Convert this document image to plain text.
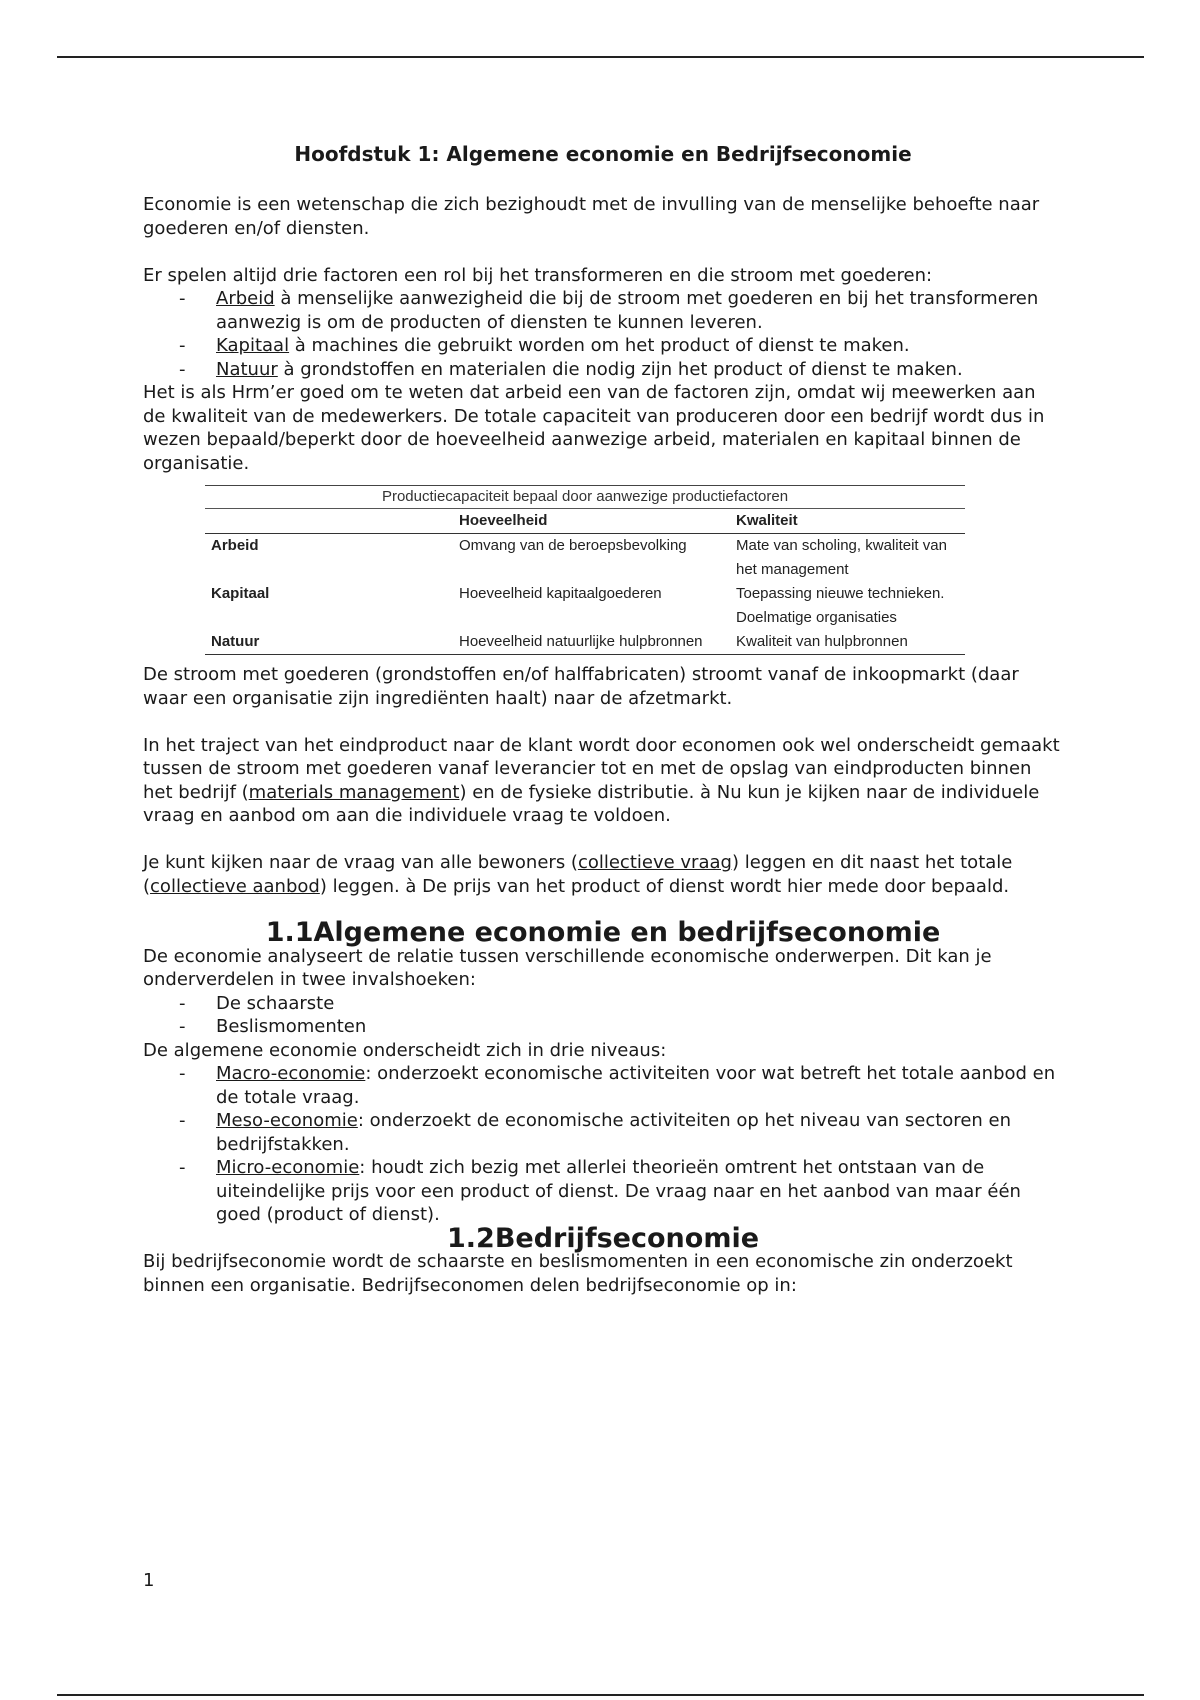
Hoofdstuk 1: Algemene economie en Bedrijfseconomie

Economie is een wetenschap die zich bezighoudt met de invulling van de menselijke behoefte naar goederen en/of diensten.

Er spelen altijd drie factoren een rol bij het transformeren en die stroom met goederen:

- Arbeid à menselijke aanwezigheid die bij de stroom met goederen en bij het transformeren aanwezig is om de producten of diensten te kunnen leveren.
- Kapitaal à machines die gebruikt worden om het product of dienst te maken.
- Natuur à grondstoffen en materialen die nodig zijn het product of dienst te maken.

Het is als Hrm’er goed om te weten dat arbeid een van de factoren zijn, omdat wij meewerken aan de kwaliteit van de medewerkers. De totale capaciteit van produceren door een bedrijf wordt dus in wezen bepaald/beperkt door de hoeveelheid aanwezige arbeid, materialen en kapitaal binnen de organisatie.

Productiecapaciteit bepaal door aanwezige productiefactoren
	Hoeveelheid	Kwaliteit
Arbeid	Omvang van de beroepsbevolking	Mate van scholing, kwaliteit van het management
Kapitaal	Hoeveelheid kapitaalgoederen	Toepassing nieuwe technieken. Doelmatige organisaties
Natuur	Hoeveelheid natuurlijke hulpbronnen	Kwaliteit van hulpbronnen

De stroom met goederen (grondstoffen en/of halffabricaten) stroomt vanaf de inkoopmarkt (daar waar een organisatie zijn ingrediënten haalt) naar de afzetmarkt.

In het traject van het eindproduct naar de klant wordt door economen ook wel onderscheidt gemaakt tussen de stroom met goederen vanaf leverancier tot en met de opslag van eindproducten binnen het bedrijf (materials management) en de fysieke distributie. à Nu kun je kijken naar de individuele vraag en aanbod om aan die individuele vraag te voldoen.

Je kunt kijken naar de vraag van alle bewoners (collectieve vraag) leggen en dit naast het totale (collectieve aanbod) leggen. à De prijs van het product of dienst wordt hier mede door bepaald.

1.1Algemene economie en bedrijfseconomie

De economie analyseert de relatie tussen verschillende economische onderwerpen. Dit kan je onderverdelen in twee invalshoeken:

- De schaarste
- Beslismomenten

De algemene economie onderscheidt zich in drie niveaus:

- Macro-economie: onderzoekt economische activiteiten voor wat betreft het totale aanbod en de totale vraag.
- Meso-economie: onderzoekt de economische activiteiten op het niveau van sectoren en bedrijfstakken.
- Micro-economie: houdt zich bezig met allerlei theorieën omtrent het ontstaan van de uiteindelijke prijs voor een product of dienst. De vraag naar en het aanbod van maar één goed (product of dienst).
1.2Bedrijfseconomie

Bij bedrijfseconomie wordt de schaarste en beslismomenten in een economische zin onderzoekt binnen een organisatie. Bedrijfseconomen delen bedrijfseconomie op in:

1
